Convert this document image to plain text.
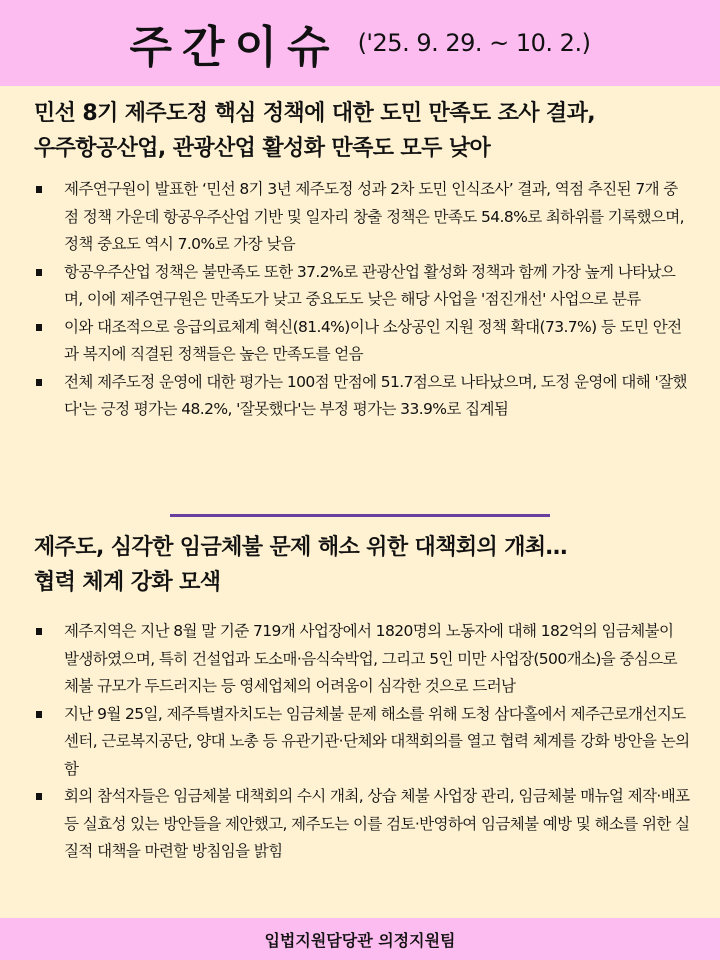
주간이슈 ('25. 9. 29. ~ 10. 2.)
민선 8기 제주도정 핵심 정책에 대한 도민 만족도 조사 결과,
우주항공산업, 관광산업 활성화 만족도 모두 낮아
제주연구원이 발표한 ‘민선 8기 3년 제주도정 성과 2차 도민 인식조사’ 결과, 역점 추진된 7개 중점 정책 가운데 항공우주산업 기반 및 일자리 창출 정책은 만족도 54.8%로 최하위를 기록했으며, 정책 중요도 역시 7.0%로 가장 낮음
항공우주산업 정책은 불만족도 또한 37.2%로 관광산업 활성화 정책과 함께 가장 높게 나타났으며, 이에 제주연구원은 만족도가 낮고 중요도도 낮은 해당 사업을 '점진개선' 사업으로 분류
이와 대조적으로 응급의료체계 혁신(81.4%)이나 소상공인 지원 정책 확대(73.7%) 등 도민 안전과 복지에 직결된 정책들은 높은 만족도를 얻음
전체 제주도정 운영에 대한 평가는 100점 만점에 51.7점으로 나타났으며, 도정 운영에 대해 '잘했다'는 긍정 평가는 48.2%, '잘못했다'는 부정 평가는 33.9%로 집계됨
제주도, 심각한 임금체불 문제 해소 위한 대책회의 개최…
협력 체계 강화 모색
제주지역은 지난 8월 말 기준 719개 사업장에서 1820명의 노동자에 대해 182억의 임금체불이 발생하였으며, 특히 건설업과 도소매·음식숙박업, 그리고 5인 미만 사업장(500개소)을 중심으로 체불 규모가 두드러지는 등 영세업체의 어려움이 심각한 것으로 드러남
지난 9월 25일, 제주특별자치도는 임금체불 문제 해소를 위해 도청 삼다홀에서 제주근로개선지도센터, 근로복지공단, 양대 노총 등 유관기관·단체와 대책회의를 열고 협력 체계를 강화 방안을 논의함
회의 참석자들은 임금체불 대책회의 수시 개최, 상습 체불 사업장 관리, 임금체불 매뉴얼 제작·배포 등 실효성 있는 방안들을 제안했고, 제주도는 이를 검토·반영하여 임금체불 예방 및 해소를 위한 실질적 대책을 마련할 방침임을 밝힘
입법지원담당관 의정지원팀
